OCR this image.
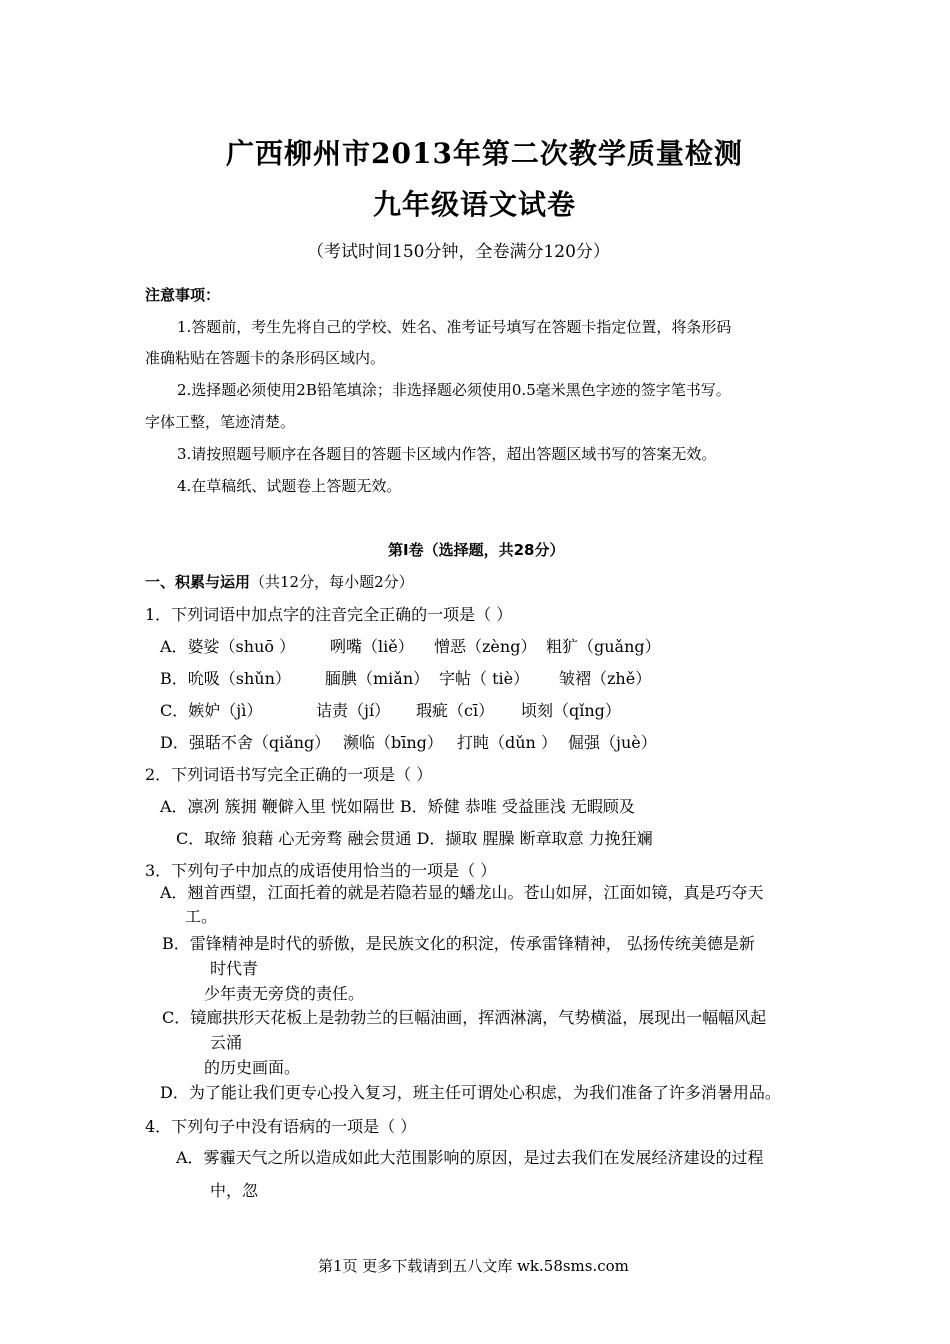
广西柳州市2013年第二次教学质量检测
九年级语文试卷
（考试时间150分钟，全卷满分120分）
注意事项：
1.答题前，考生先将自己的学校、姓名、准考证号填写在答题卡指定位置，将条形码
准确粘贴在答题卡的条形码区域内。
2.选择题必须使用2B铅笔填涂；非选择题必须使用0.5毫米黑色字迹的签字笔书写。
字体工整，笔迹清楚。
3.请按照题号顺序在各题目的答题卡区域内作答，超出答题区域书写的答案无效。
4.在草稿纸、试题卷上答题无效。
第Ⅰ卷（选择题，共28分）
一、积累与运用（共12分，每小题2分）
1．下列词语中加点字的注音完全正确的一项是（ ）
A．婆娑（shuō ） 咧嘴（liě） 憎恶（zèng） 粗犷（guǎng）
B．吮吸（shǔn） 腼腆（miǎn） 字帖（ tiè） 皱褶（zhě）
C．嫉妒（jì）	诘责（jí） 瑕疵（cī） 顷刻（qǐng）
D．强聒不舍（qiǎng） 濒临（bīng） 打盹（dǔn ） 倔强（juè）
2．下列词语书写完全正确的一项是（ ）
A．凛冽 簇拥 鞭僻入里 恍如隔世 B．矫健 恭唯 受益匪浅 无暇顾及
C．取缔 狼藉 心无旁骛 融会贯通 D．撷取 腥臊 断章取意 力挽狂斓
3．下列句子中加点的成语使用恰当的一项是（ ）
A．翘首西望，江面托着的就是若隐若显的蟠龙山。苍山如屏，江面如镜，真是巧夺天
工。
B．雷锋精神是时代的骄傲，是民族文化的积淀，传承雷锋精神， 弘扬传统美德是新
时代青
少年责无旁贷的责任。
C．镜廊拱形天花板上是勃勃兰的巨幅油画，挥洒淋漓，气势横溢，展现出一幅幅风起
云涌
的历史画面。
D．为了能让我们更专心投入复习，班主任可谓处心积虑，为我们准备了许多消暑用品。
4．下列句子中没有语病的一项是（ ）
A．雾霾天气之所以造成如此大范围影响的原因，是过去我们在发展经济建设的过程
中，忽
第1页 更多下载请到五八文库 wk.58sms.com
